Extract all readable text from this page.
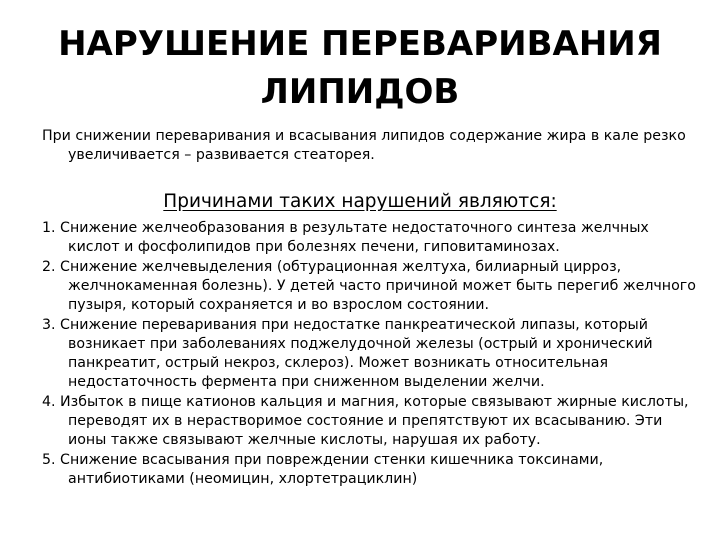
НАРУШЕНИЕ ПЕРЕВАРИВАНИЯ
ЛИПИДОВ
При снижении переваривания и всасывания липидов содержание жира в кале резко увеличивается – развивается стеаторея.
Причинами таких нарушений являются:
1. Снижение желчеобразования в результате недостаточного синтеза желчных кислот и фосфолипидов при болезнях печени, гиповитаминозах.
2. Снижение желчевыделения (обтурационная желтуха, билиарный цирроз, желчнокаменная болезнь). У детей часто причиной может быть перегиб желчного пузыря, который сохраняется и во взрослом состоянии.
3. Снижение переваривания при недостатке панкреатической липазы, который возникает при заболеваниях поджелудочной железы (острый и хронический панкреатит, острый некроз, склероз). Может возникать относительная недостаточность фермента при сниженном выделении желчи.
4. Избыток в пище катионов кальция и магния, которые связывают жирные кислоты, переводят их в нерастворимое состояние и препятствуют их всасыванию. Эти ионы также связывают желчные кислоты, нарушая их работу.
5. Снижение всасывания при повреждении стенки кишечника токсинами, антибиотиками (неомицин, хлортетрациклин)
